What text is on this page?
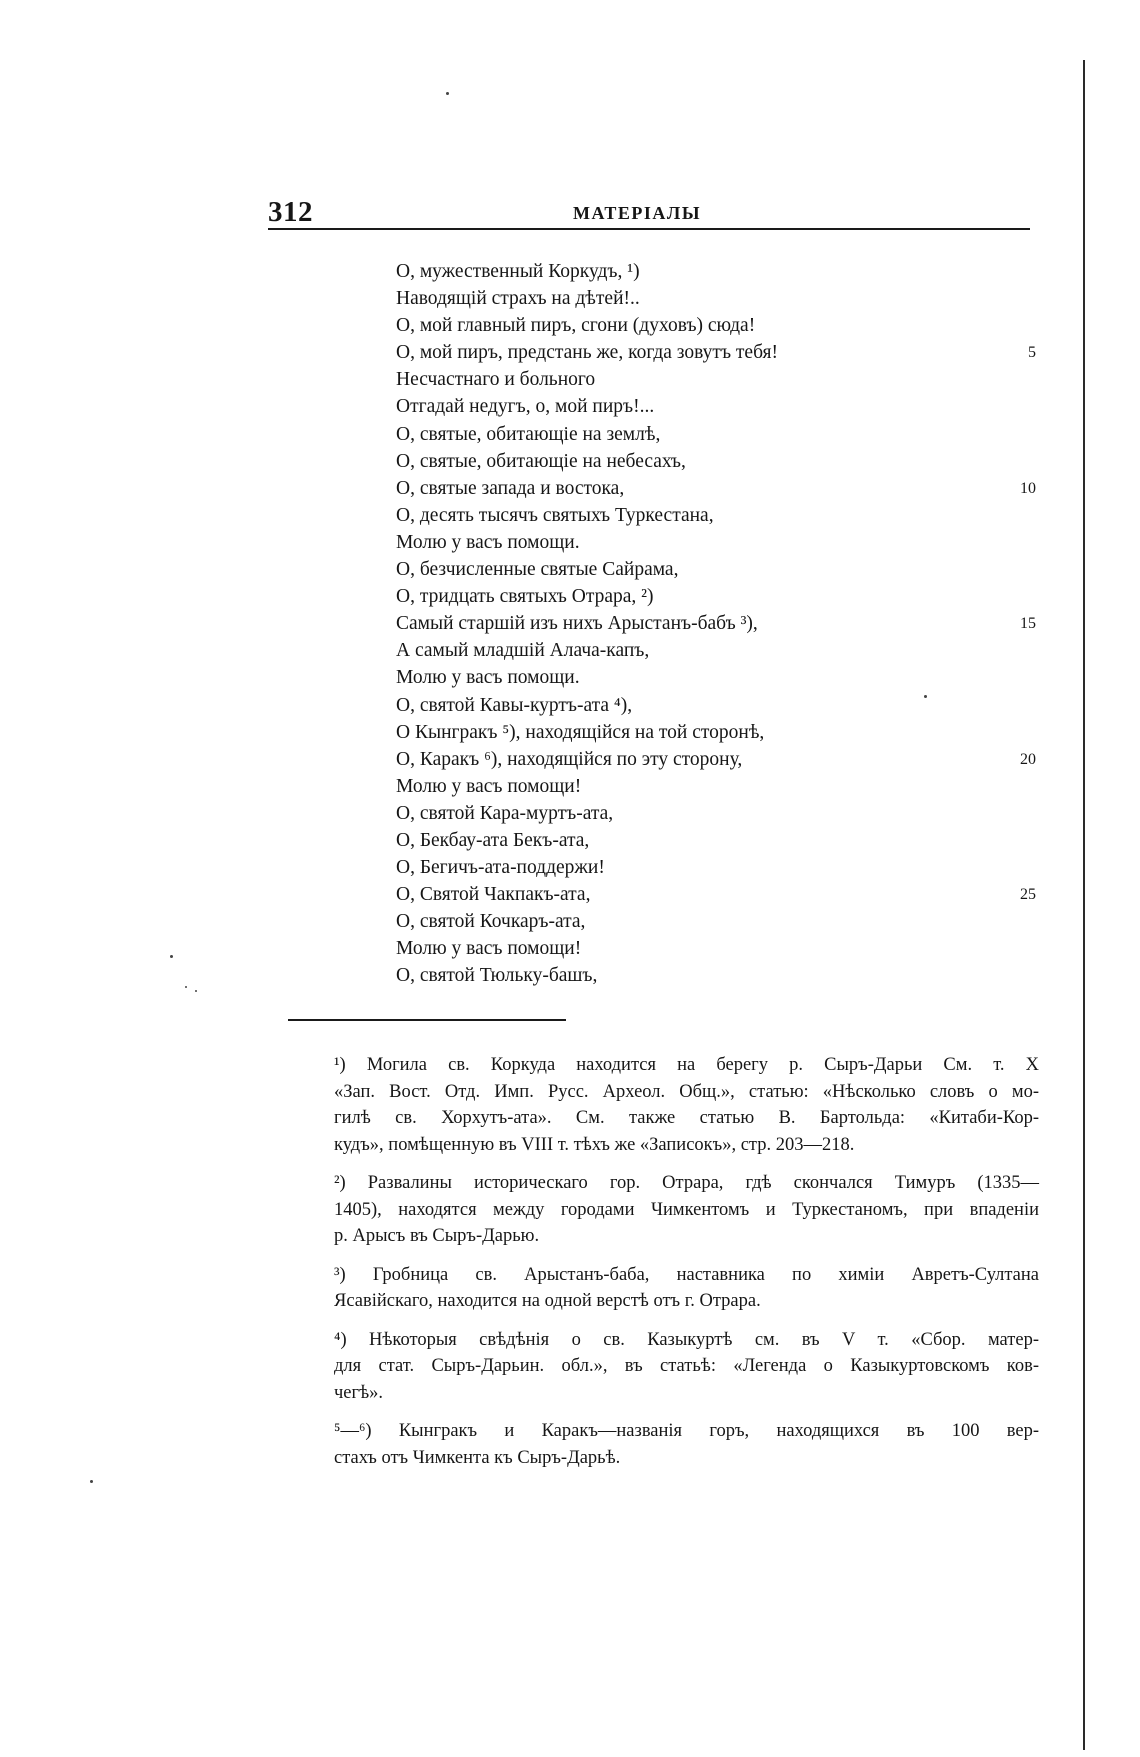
312	МАТЕРІАЛЫ
О, мужественный Коркудъ, ¹)
Наводящій страхъ на дѣтей!..
О, мой главный пиръ, сгони (духовъ) сюда!
О, мой пиръ, предстань же, когда зовутъ тебя!	5
Несчастнаго и больного
Отгадай недугъ, о, мой пиръ!...
О, святые, обитающіе на землѣ,
О, святые, обитающіе на небесахъ,
О, святые запада и востока,	10
О, десять тысячъ святыхъ Туркестана,
Молю у васъ помощи.
О, безчисленные святые Сайрама,
О, тридцать святыхъ Отрара, ²)
Самый старшій изъ нихъ Арыстанъ-бабъ ³),	15
А самый младшій Алача-капъ,
Молю у васъ помощи.
О, святой Кавы-куртъ-ата ⁴),
О Кынгракъ ⁵), находящійся на той сторонѣ,
О, Каракъ ⁶), находящійся по эту сторону,	20
Молю у васъ помощи!
О, святой Кара-муртъ-ата,
О, Бекбау-ата Бекъ-ата,
О, Бегичъ-ата-поддержи!
О, Святой Чакпакъ-ата,	25
О, святой Кочкаръ-ата,
Молю у васъ помощи!
О, святой Тюльку-башъ,

¹) Могила св. Коркуда находится на берегу р. Сыръ-Дарьи См. т. X
«Зап. Вост. Отд. Имп. Русс. Археол. Общ.», статью: «Нѣсколько словъ о мо-
гилѣ св. Хорхутъ-ата». См. также статью В. Бартольда: «Китаби-Кор-
кудъ», помѣщенную въ VIII т. тѣхъ же «Записокъ», стр. 203—218.

²) Развалины историческаго гор. Отрара, гдѣ скончался Тимуръ (1335—
1405), находятся между городами Чимкентомъ и Туркестаномъ, при впаденіи
р. Арысъ въ Сыръ-Дарью.

³) Гробница св. Арыстанъ-баба, наставника по химіи Авретъ-Султана
Ясавійскаго, находится на одной верстѣ отъ г. Отрара.

⁴) Нѣкоторыя свѣдѣнія о св. Казыкуртѣ см. въ V т. «Сбор. матер-
для стат. Сыръ-Дарьин. обл.», въ статьѣ: «Легенда о Казыкуртовскомъ ков-
чегѣ».

⁵—⁶) Кынгракъ и Каракъ—названія горъ, находящихся въ 100 вер-
стахъ отъ Чимкента къ Сыръ-Дарьѣ.
